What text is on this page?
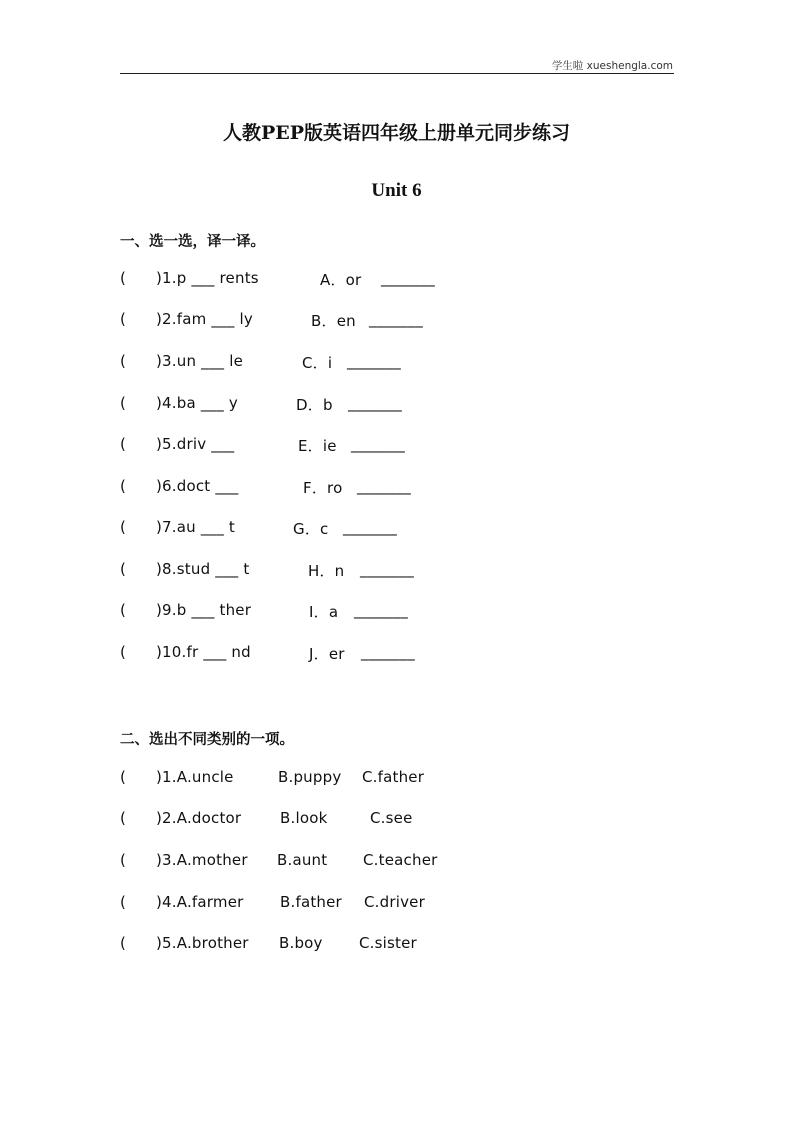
学生啦 xueshengla.com
人教PEP版英语四年级上册单元同步练习
Unit 6
一、选一选，译一译。
( )1.p ___ rents	A．or _______
( )2.fam ___ ly	B．en _______
( )3.un ___ le	C．i _______
( )4.ba ___ y	D．b _______
( )5.driv ___	E．ie _______
( )6.doct ___	F．ro _______
( )7.au ___ t	G．c _______
( )8.stud ___ t	H．n _______
( )9.b ___ ther	I．a _______
( )10.fr ___ nd	J．er _______
二、选出不同类别的一项。
( )1.A.uncle	B.puppy C.father
( )2.A.doctor	B.look	C.see
( )3.A.mother B.aunt C.teacher
( )4.A.farmer B.father C.driver
( )5.A.brother B.boy C.sister
